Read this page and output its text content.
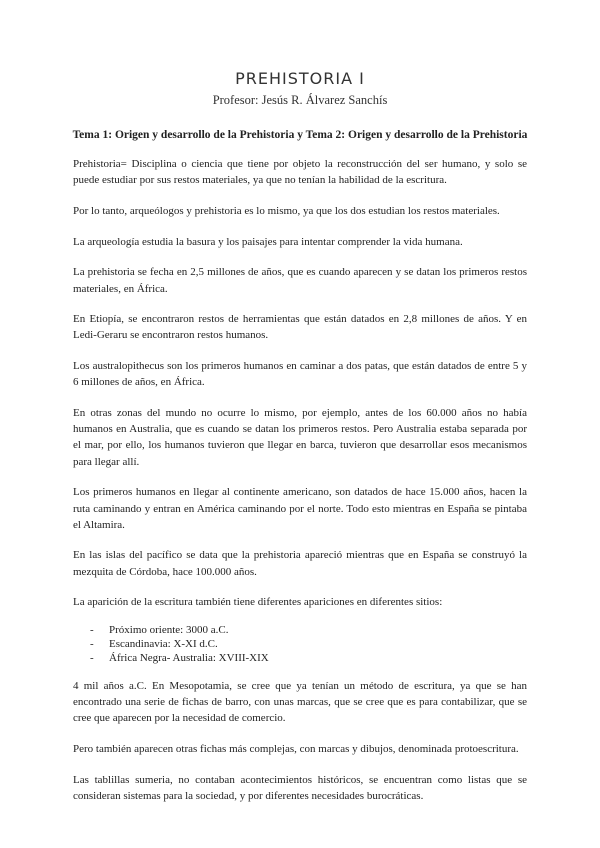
PREHISTORIA I
Profesor: Jesús R. Álvarez Sanchís
Tema 1: Origen y desarrollo de la Prehistoria y Tema 2: Origen y desarrollo de la Prehistoria

Prehistoria= Disciplina o ciencia que tiene por objeto la reconstrucción del ser humano, y solo se puede estudiar por sus restos materiales, ya que no tenían la habilidad de la escritura.

Por lo tanto, arqueólogos y prehistoria es lo mismo, ya que los dos estudian los restos materiales.

La arqueología estudia la basura y los paisajes para intentar comprender la vida humana.

La prehistoria se fecha en 2,5 millones de años, que es cuando aparecen y se datan los primeros restos materiales, en África.

En Etiopía, se encontraron restos de herramientas que están datados en 2,8 millones de años. Y en Ledi-Geraru se encontraron restos humanos.

Los australopithecus son los primeros humanos en caminar a dos patas, que están datados de entre 5 y 6 millones de años, en África.

En otras zonas del mundo no ocurre lo mismo, por ejemplo, antes de los 60.000 años no había humanos en Australia, que es cuando se datan los primeros restos. Pero Australia estaba separada por el mar, por ello, los humanos tuvieron que llegar en barca, tuvieron que desarrollar esos mecanismos para llegar allí.

Los primeros humanos en llegar al continente americano, son datados de hace 15.000 años, hacen la ruta caminando y entran en América caminando por el norte. Todo esto mientras en España se pintaba el Altamira.

En las islas del pacífico se data que la prehistoria apareció mientras que en España se construyó la mezquita de Córdoba, hace 100.000 años.

La aparición de la escritura también tiene diferentes apariciones en diferentes sitios:

- Próximo oriente: 3000 a.C.
- Escandinavia: X-XI d.C.
- África Negra- Australia: XVIII-XIX

4 mil años a.C. En Mesopotamia, se cree que ya tenían un método de escritura, ya que se han encontrado una serie de fichas de barro, con unas marcas, que se cree que es para contabilizar, que se cree que aparecen por la necesidad de comercio.

Pero también aparecen otras fichas más complejas, con marcas y dibujos, denominada protoescritura.

Las tablillas sumeria, no contaban acontecimientos históricos, se encuentran como listas que se consideran sistemas para la sociedad, y por diferentes necesidades burocráticas.
